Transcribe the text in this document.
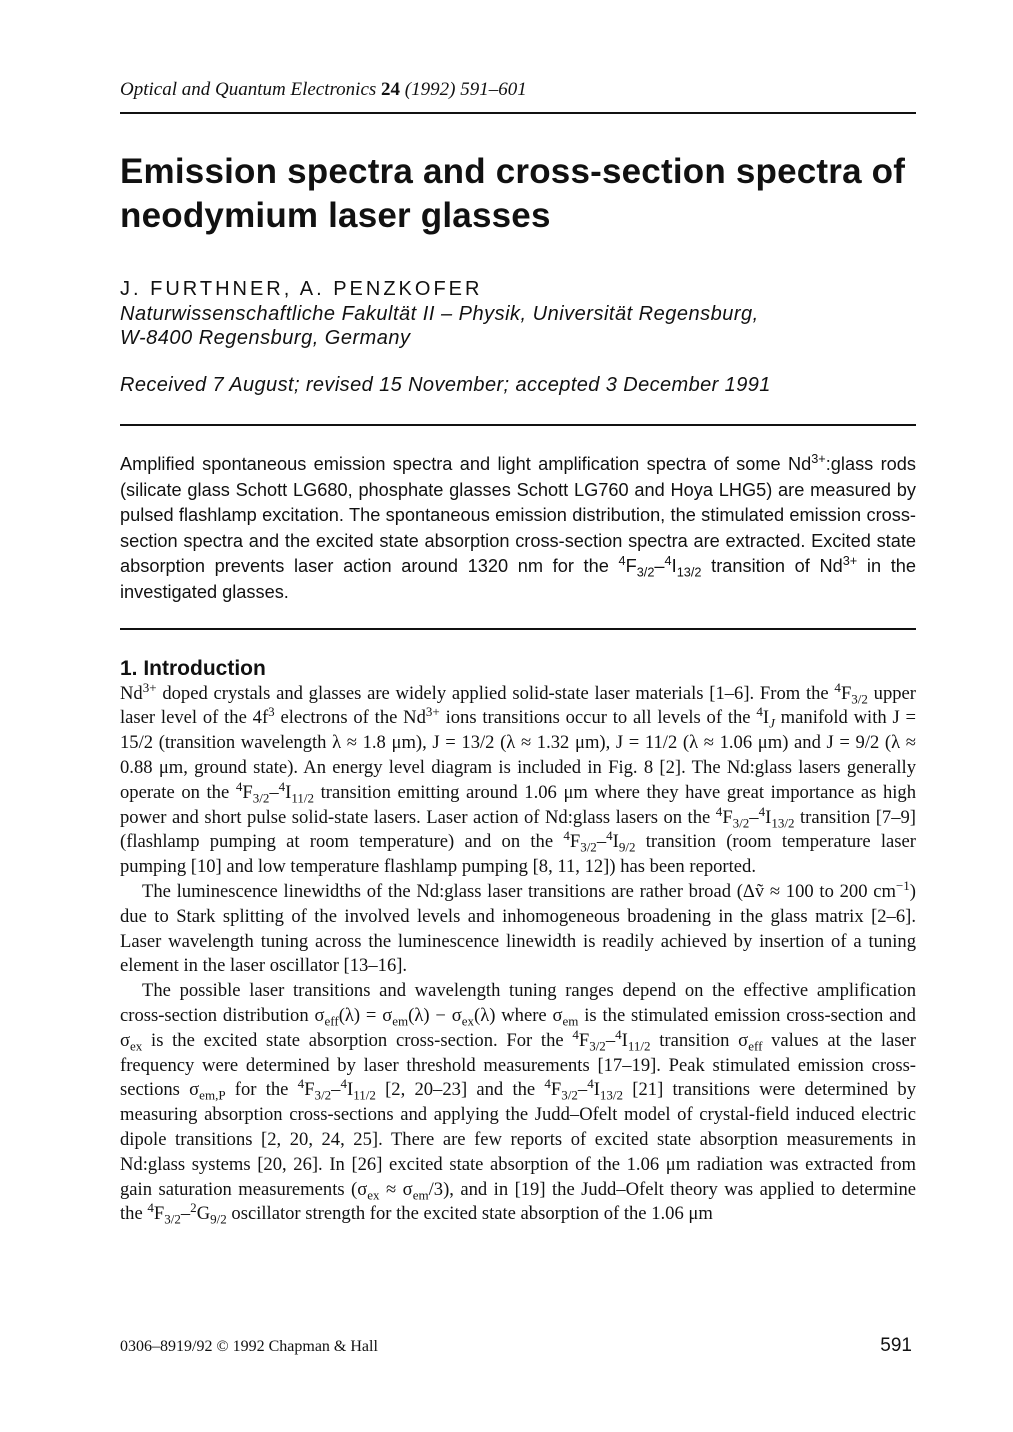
Optical and Quantum Electronics 24 (1992) 591–601

Emission spectra and cross-section spectra of neodymium laser glasses
J. FURTHNER, A. PENZKOFER
Naturwissenschaftliche Fakultät II – Physik, Universität Regensburg,
W-8400 Regensburg, Germany
Received 7 August; revised 15 November; accepted 3 December 1991

Amplified spontaneous emission spectra and light amplification spectra of some $Nd^{3+}:glass$ rods (silicate glass Schott LG680, phosphate glasses Schott LG760 and Hoya LHG5) are measured by pulsed flashlamp excitation. The spontaneous emission distribution, the stimulated emission cross-section spectra and the excited state absorption cross-section spectra are extracted. Excited state absorption prevents laser action around 1320 nm for the $^4F_{3/2}-^4I_{13/2}$ transition of $Nd^{3+}$ in the investigated glasses.

1. Introduction

$Nd^{3+}$ doped crystals and glasses are widely applied solid-state laser materials [1–6]. From the $^4F_{3/2}$ upper laser level of the $4f^3$ electrons of the $Nd^{3+}$ ions transitions occur to all levels of the $^4I_J$ manifold with J = 15/2 (transition wavelength λ ≈ 1.8 μm), J = 13/2 (λ ≈ 1.32 μm), J = 11/2 (λ ≈ 1.06 μm) and J = 9/2 (λ ≈ 0.88 μm, ground state). An energy level diagram is included in Fig. 8 [2]. The Nd:glass lasers generally operate on the $^4F_{3/2}-^4I_{11/2}$ transition emitting around 1.06 μm where they have great importance as high power and short pulse solid-state lasers. Laser action of Nd:glass lasers on the $^4F_{3/2}-^4I_{13/2}$ transition [7–9] (flashlamp pumping at room temperature) and on the $^4F_{3/2}-^4I_{9/2}$ transition (room temperature laser pumping [10] and low temperature flashlamp pumping [8, 11, 12]) has been reported.

The luminescence linewidths of the Nd:glass laser transitions are rather broad (Δṽ ≈ 100 to 200 $cm^{-1}$) due to Stark splitting of the involved levels and inhomogeneous broadening in the glass matrix [2–6]. Laser wavelength tuning across the luminescence linewidth is readily achieved by insertion of a tuning element in the laser oscillator [13–16].

The possible laser transitions and wavelength tuning ranges depend on the effective amplification cross-section distribution $\sigma_{eff}(\lambda) = \sigma_{em}(\lambda) - \sigma_{ex}(\lambda)$ where $\sigma_{em}$ is the stimulated emission cross-section and $\sigma_{ex}$ is the excited state absorption cross-section. For the $^4F_{3/2}-^4I_{11/2}$ transition $\sigma_{eff}$ values at the laser frequency were determined by laser threshold measurements [17–19]. Peak stimulated emission cross-sections $\sigma_{em,P}$ for the $^4F_{3/2}-^4I_{11/2}$ [2, 20–23] and the $^4F_{3/2}-^4I_{13/2}$ [21] transitions were determined by measuring absorption cross-sections and applying the Judd–Ofelt model of crystal-field induced electric dipole transitions [2, 20, 24, 25]. There are few reports of excited state absorption measurements in Nd:glass systems [20, 26]. In [26] excited state absorption of the 1.06 μm radiation was extracted from gain saturation measurements $(\sigma_{ex} \approx \sigma_{em}/3)$, and in [19] the Judd–Ofelt theory was applied to determine the $^4F_{3/2}-^2G_{9/2}$ oscillator strength for the excited state absorption of the 1.06 μm

0306–8919/92 © 1992 Chapman & Hall	591
